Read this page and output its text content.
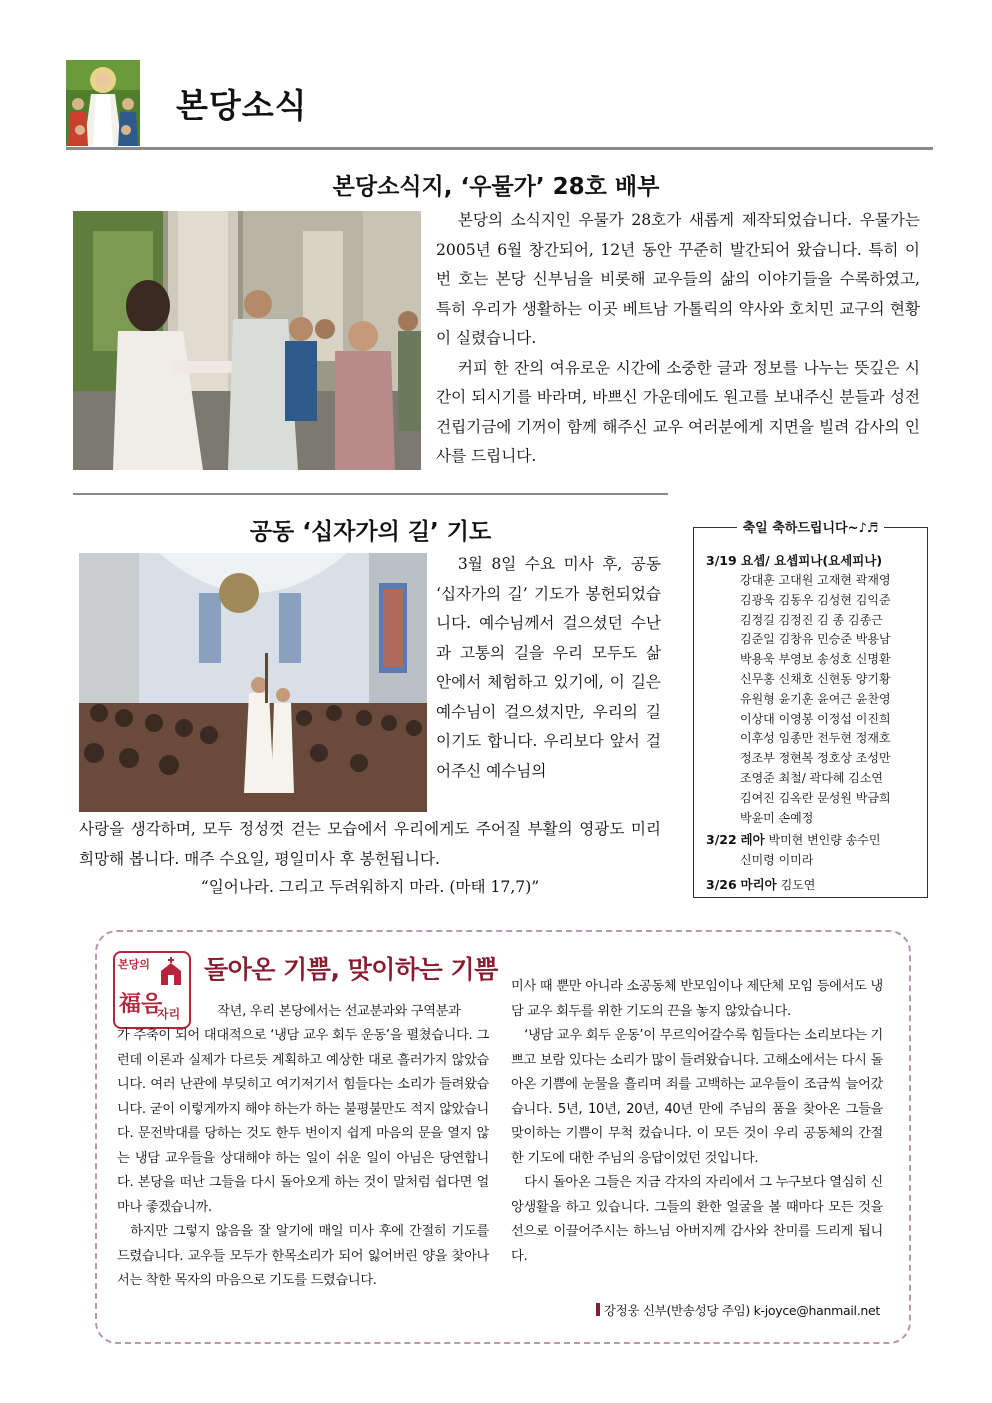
본당소식
본당소식지, ‘우물가’ 28호 배부

본당의 소식지인 우물가 28호가 새롭게 제작되었습니다. 우물가는 2005년 6월 창간되어, 12년 동안 꾸준히 발간되어 왔습니다. 특히 이번 호는 본당 신부님을 비롯해 교우들의 삶의 이야기들을 수록하였고, 특히 우리가 생활하는 이곳 베트남 가톨릭의 약사와 호치민 교구의 현황이 실렸습니다.

커피 한 잔의 여유로운 시간에 소중한 글과 정보를 나누는 뜻깊은 시간이 되시기를 바라며, 바쁘신 가운데에도 원고를 보내주신 분들과 성전 건립기금에 기꺼이 함께 해주신 교우 여러분에게 지면을 빌려 감사의 인사를 드립니다.

공동 ‘십자가의 길’ 기도

3월 8일 수요 미사 후, 공동 ‘십자가의 길’ 기도가 봉헌되었습니다. 예수님께서 걸으셨던 수난과 고통의 길을 우리 모두도 삶 안에서 체험하고 있기에, 이 길은 예수님이 걸으셨지만, 우리의 길이기도 합니다. 우리보다 앞서 걸어주신 예수님의

사랑을 생각하며, 모두 정성껏 걷는 모습에서 우리에게도 주어질 부활의 영광도 미리 희망해 봅니다. 매주 수요일, 평일미사 후 봉헌됩니다.

“일어나라. 그리고 두려워하지 마라. (마태 17,7)”
축일 축하드립니다~♪♬
3/19 요셉/ 요셉피나(요세피나)
강대훈 고대원 고재현 곽재영
김광욱 김동우 김성현 김익준
김정길 김정진 김 종 김종근
김준일 김창유 민승준 박용남
박용욱 부영보 송성호 신명환
신무홍 신채호 신현동 양기황
유원형 윤기훈 윤여근 윤찬영
이상대 이영봉 이정섭 이진희
이후성 임종만 전두현 정재호
정조부 정현복 정호상 조성만
조영준 최철/ 곽다혜 김소연
김여진 김옥란 문성원 박금희
박윤미 손예정
3/22 레아 박미현 변인량 송수민
신미령 이미라
3/26 마리아 김도연
본당의
福음
자리
돌아온 기쁨, 맞이하는 기쁨

작년, 우리 본당에서는 선교분과와 구역분과

가 주축이 되어 대대적으로 ‘냉담 교우 회두 운동’을 펼쳤습니다. 그런데 이론과 실제가 다르듯 계획하고 예상한 대로 흘러가지 않았습니다. 여러 난관에 부딪히고 여기저기서 힘들다는 소리가 들려왔습니다. 굳이 이렇게까지 해야 하는가 하는 불평불만도 적지 않았습니다. 문전박대를 당하는 것도 한두 번이지 쉽게 마음의 문을 열지 않는 냉담 교우들을 상대해야 하는 일이 쉬운 일이 아님은 당연합니다. 본당을 떠난 그들을 다시 돌아오게 하는 것이 말처럼 쉽다면 얼마나 좋겠습니까.

하지만 그렇지 않음을 잘 알기에 매일 미사 후에 간절히 기도를 드렸습니다. 교우들 모두가 한목소리가 되어 잃어버린 양을 찾아나서는 착한 목자의 마음으로 기도를 드렸습니다.

미사 때 뿐만 아니라 소공동체 반모임이나 제단체 모임 등에서도 냉담 교우 회두를 위한 기도의 끈을 놓지 않았습니다.

‘냉담 교우 회두 운동’이 무르익어갈수록 힘들다는 소리보다는 기쁘고 보람 있다는 소리가 많이 들려왔습니다. 고해소에서는 다시 돌아온 기쁨에 눈물을 흘리며 죄를 고백하는 교우들이 조금씩 늘어갔습니다. 5년, 10년, 20년, 40년 만에 주님의 품을 찾아온 그들을 맞이하는 기쁨이 무척 컸습니다. 이 모든 것이 우리 공동체의 간절한 기도에 대한 주님의 응답이었던 것입니다.

다시 돌아온 그들은 지금 각자의 자리에서 그 누구보다 열심히 신앙생활을 하고 있습니다. 그들의 환한 얼굴을 볼 때마다 모든 것을 선으로 이끌어주시는 하느님 아버지께 감사와 찬미를 드리게 됩니다.

강정웅 신부(반송성당 주임) k-joyce@hanmail.net
